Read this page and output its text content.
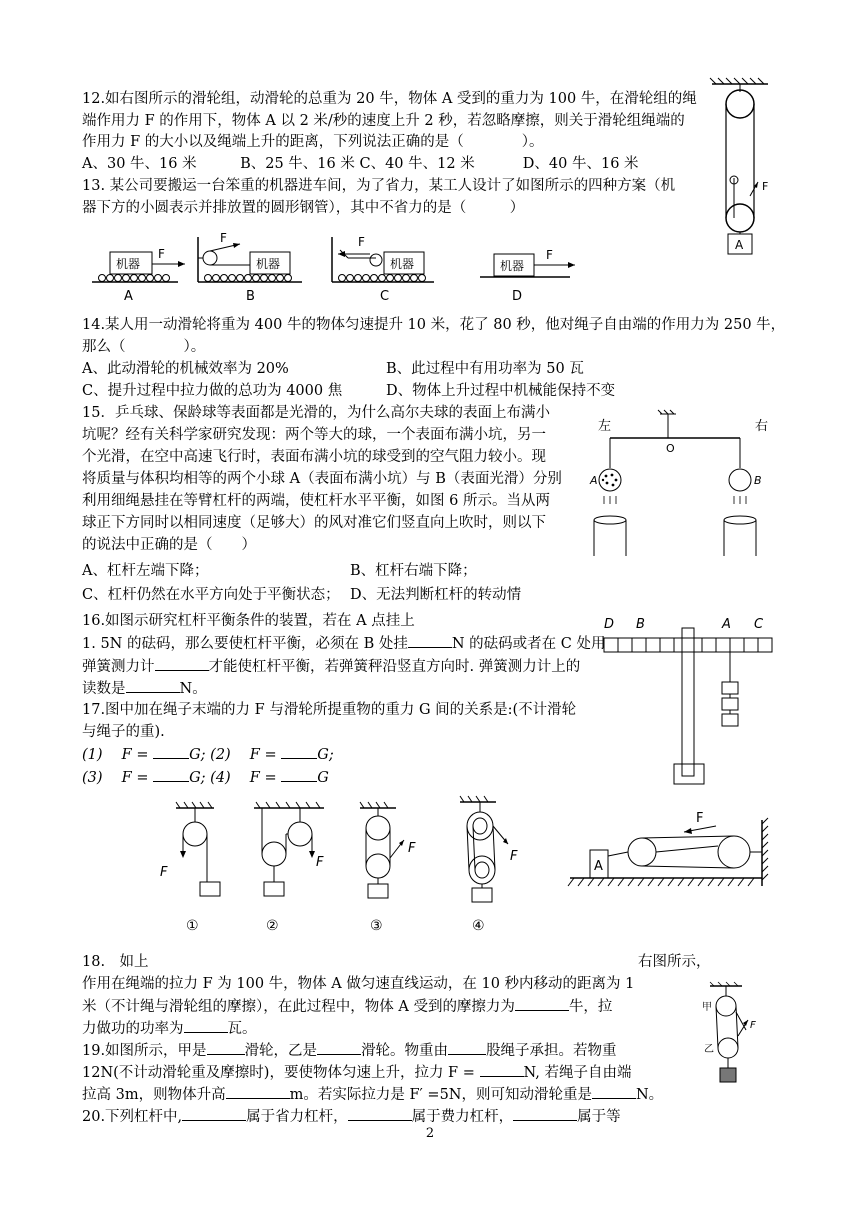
12.如右图所示的滑轮组，动滑轮的总重为 20 牛，物体 A 受到的重力为 100 牛，在滑轮组的绳
端作用力 F 的作用下，物体 A 以 2 米/秒的速度上升 2 秒，若忽略摩擦，则关于滑轮组绳端的
作用力 F 的大小以及绳端上升的距离，下列说法正确的是（　　　　）。
A、30 牛、16 米　　　B、25 牛、16 米 C、40 牛、12 米　　　 D、40 牛、16 米
F
A
13. 某公司要搬运一台笨重的机器进车间，为了省力，某工人设计了如图所示的四种方案（机
器下方的小圆表示并排放置的圆形钢管），其中不省力的是（　　　）
机器
F
A
机器
F
B
机器
F
C
机器
F
D
14.某人用一动滑轮将重为 400 牛的物体匀速提升 10 米，花了 80 秒，他对绳子自由端的作用力为 250 牛，
那么（　　　　）。
A、此动滑轮的机械效率为 20%	B、此过程中有用功率为 50 瓦
C、提升过程中拉力做的总功为 4000 焦	D、物体上升过程中机械能保持不变
15．乒乓球、保龄球等表面都是光滑的，为什么高尔夫球的表面上布满小
坑呢？经有关科学家研究发现：两个等大的球，一个表面布满小坑，另一
个光滑，在空中高速飞行时，表面布满小坑的球受到的空气阻力较小。现
将质量与体积均相等的两个小球 A（表面布满小坑）与 B（表面光滑）分别
利用细绳悬挂在等臂杠杆的两端，使杠杆水平平衡，如图 6 所示。当从两
球正下方同时以相同速度（足够大）的风对准它们竖直向上吹时，则以下
的说法中正确的是（　　）
A、杠杆左端下降；	B、杠杆右端下降；
C、杠杆仍然在水平方向处于平衡状态； D、无法判断杠杆的转动情
左	右
O
A	B
16.如图示研究杠杆平衡条件的装置，若在 A 点挂上
1. 5N 的砝码，那么要使杠杆平衡，必须在 B 处挂	N 的砝码或者在 C 处用
弹簧测力计	才能使杠杆平衡，若弹簧秤沿竖直方向时. 弹簧测力计上的
读数是	N。
D B	A C
17.图中加在绳子末端的力 F 与滑轮所提重物的重力 G 间的关系是:(不计滑轮
与绳子的重).
(1)　 F = G; (2)　 F = G;
(3)　 F = G; (4)　 F = G
F
①
F
②
F
③
F
④
A
F
18.　如上	右图所示，
作用在绳端的拉力 F 为 100 牛，物体 A 做匀速直线运动，在 10 秒内移动的距离为 1
米（不计绳与滑轮组的摩擦），在此过程中，物体 A 受到的摩擦力为	牛，拉
力做功的功率为	瓦。
甲
乙
F
19.如图所示，甲是	滑轮，乙是	滑轮。物重由	股绳子承担。若物重
12N(不计动滑轮重及摩擦时)，要使物体匀速上升，拉力 F =	N, 若绳子自由端
拉高 3m，则物体升高	m。若实际拉力是 F′ =5N，则可知动滑轮重是	N。
20.下列杠杆中,	属于省力杠杆，	属于费力杠杆，	属于等
2
